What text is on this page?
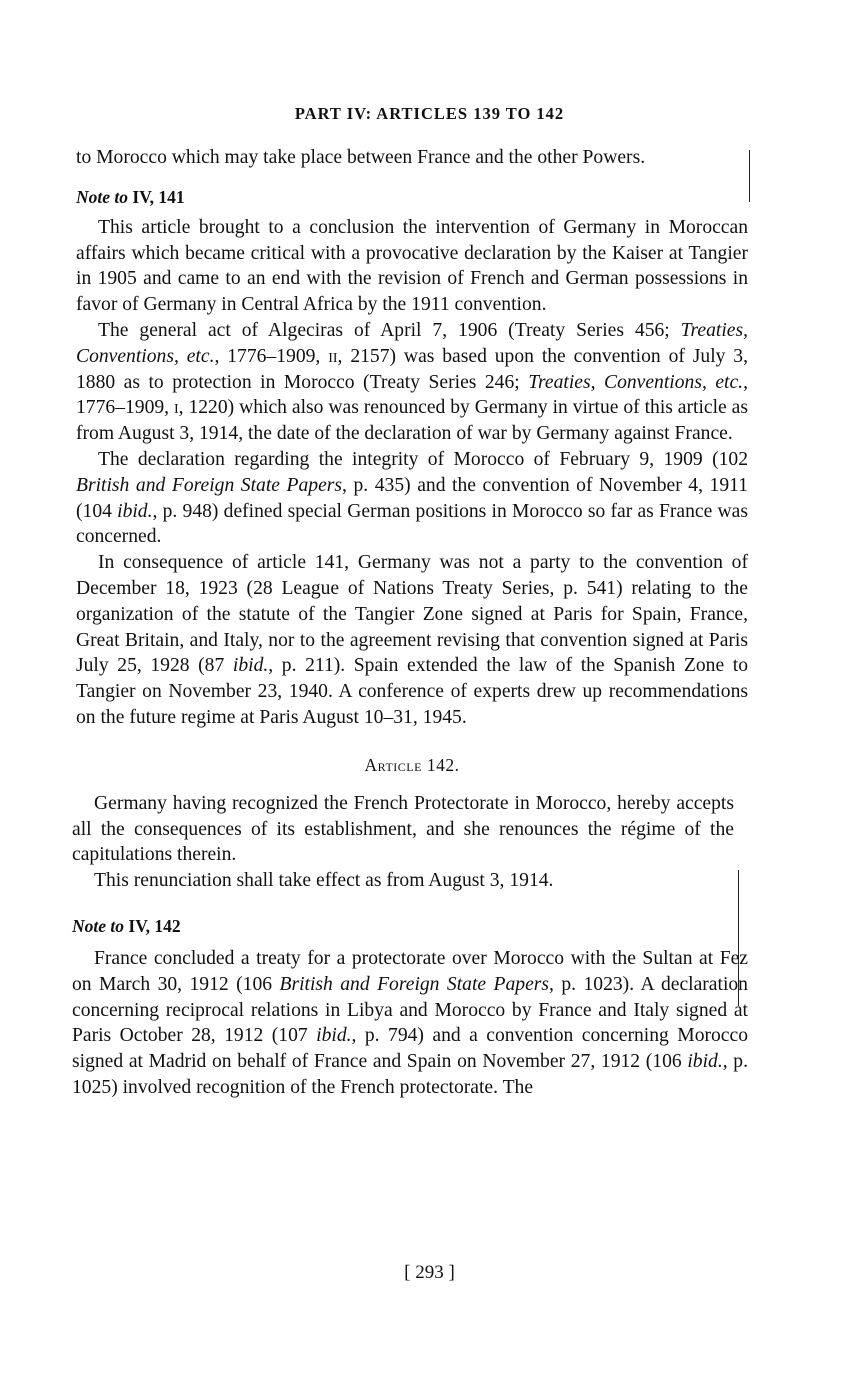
PART IV: ARTICLES 139 TO 142

to Morocco which may take place between France and the other Powers.

Note to IV, 141

This article brought to a conclusion the intervention of Germany in Moroccan affairs which became critical with a provocative declaration by the Kaiser at Tangier in 1905 and came to an end with the revision of French and German possessions in favor of Germany in Central Africa by the 1911 convention.

The general act of Algeciras of April 7, 1906 (Treaty Series 456; Treaties, Conventions, etc., 1776–1909, ii, 2157) was based upon the convention of July 3, 1880 as to protection in Morocco (Treaty Series 246; Treaties, Conventions, etc., 1776–1909, i, 1220) which also was renounced by Germany in virtue of this article as from August 3, 1914, the date of the declaration of war by Germany against France.

The declaration regarding the integrity of Morocco of February 9, 1909 (102 British and Foreign State Papers, p. 435) and the convention of November 4, 1911 (104 ibid., p. 948) defined special German positions in Morocco so far as France was concerned.

In consequence of article 141, Germany was not a party to the convention of December 18, 1923 (28 League of Nations Treaty Series, p. 541) relating to the organization of the statute of the Tangier Zone signed at Paris for Spain, France, Great Britain, and Italy, nor to the agreement revising that convention signed at Paris July 25, 1928 (87 ibid., p. 211). Spain extended the law of the Spanish Zone to Tangier on November 23, 1940. A conference of experts drew up recommendations on the future regime at Paris August 10–31, 1945.

Article 142.

Germany having recognized the French Protectorate in Morocco, hereby accepts all the consequences of its establishment, and she renounces the régime of the capitulations therein.

This renunciation shall take effect as from August 3, 1914.

Note to IV, 142

France concluded a treaty for a protectorate over Morocco with the Sultan at Fez on March 30, 1912 (106 British and Foreign State Papers, p. 1023). A declaration concerning reciprocal relations in Libya and Morocco by France and Italy signed at Paris October 28, 1912 (107 ibid., p. 794) and a convention concerning Morocco signed at Madrid on behalf of France and Spain on November 27, 1912 (106 ibid., p. 1025) involved recognition of the French protectorate. The

[ 293 ]
